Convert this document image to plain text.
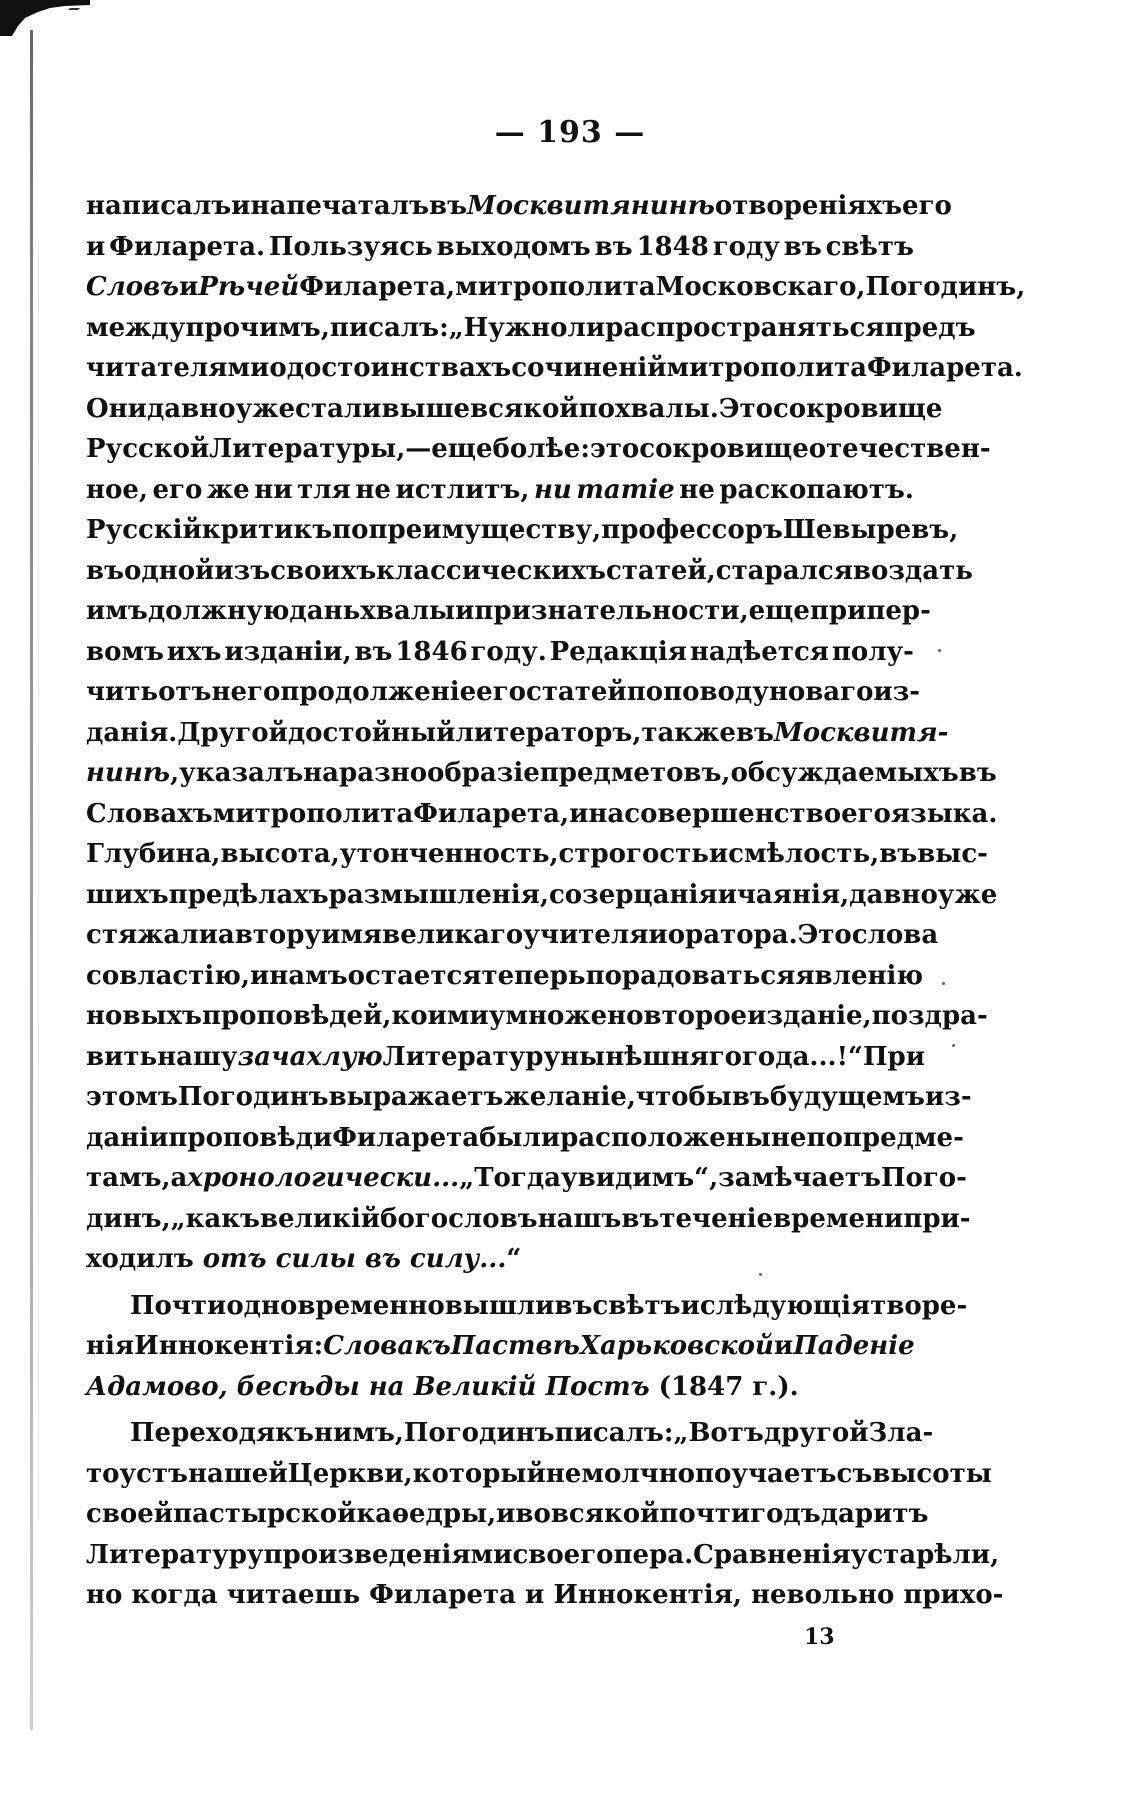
— 193 —
написалъ и напечаталъ въ Москвитянинѣ о твореніяхъ его
и Филарета. Пользуясь выходомъ въ 1848 году въ свѣтъ
Словъ и Рѣчей Филарета, митрополита Московскаго, Погодинъ,
между прочимъ, писалъ: „Нужно ли распространяться предъ
читателями о достоинствахъ сочиненій митрополита Филарета.
Они давно уже стали выше всякой похвалы. Это сокровище
Русской Литературы,—еще болѣе: это сокровище отечествен-
ное, его же ни тля не истлитъ, ни татіе не раскопаютъ.
Русскій критикъ по преимуществу, профессоръ Шевыревъ,
въ одной изъ своихъ классическихъ статей, старался воздать
имъ должную дань хвалы и признательности, еще при пер-
вомъ ихъ изданіи, въ 1846 году. Редакція надѣется полу-
чить отъ него продолженіе его статей по поводу новаго из-
данія. Другой достойный литераторъ, также въ Москвитя-
нинѣ, указалъ на разнообразіе предметовъ, обсуждаемыхъ въ
Словахъ митрополита Филарета, и на совершенство его языка.
Глубина, высота, утонченность, строгость и смѣлость, въ выс-
шихъ предѣлахъ размышленія, созерцанія и чаянія, давно уже
стяжали автору имя великаго учителя и оратора. Это слова
со властію, и намъ остается теперь порадоваться явленію
новыхъ проповѣдей, коими умножено второе изданіе, поздра-
вить нашу зачахлую Литературу нынѣшняго года...!“ При
этомъ Погодинъ выражаетъ желаніе, чтобы въ будущемъ из-
даніи проповѣди Филарета были расположены не по предме-
тамъ, а хронологически... „Тогда увидимъ“, замѣчаетъ Пого-
динъ, „какъ великій богословъ нашъ въ теченіе времени при-
ходилъ отъ силы въ силу... “
Почти одновременно вышли въ свѣтъ и слѣдующія творе-
нія Иннокентія: Слова къ Паствѣ Харьковской и Паденіе
Адамово, бесѣды на Великій Постъ (1847 г.).
Переходя къ нимъ, Погодинъ писалъ: „Вотъ другой Зла-
тоустъ нашей Церкви, который немолчно поучаетъ съ высоты
своей пастырской каѳедры, и во всякой почти годъ даритъ
Литературу произведеніями своего пера. Сравненія устарѣли,
но когда читаешь Филарета и Иннокентія, невольно прихо-
13
